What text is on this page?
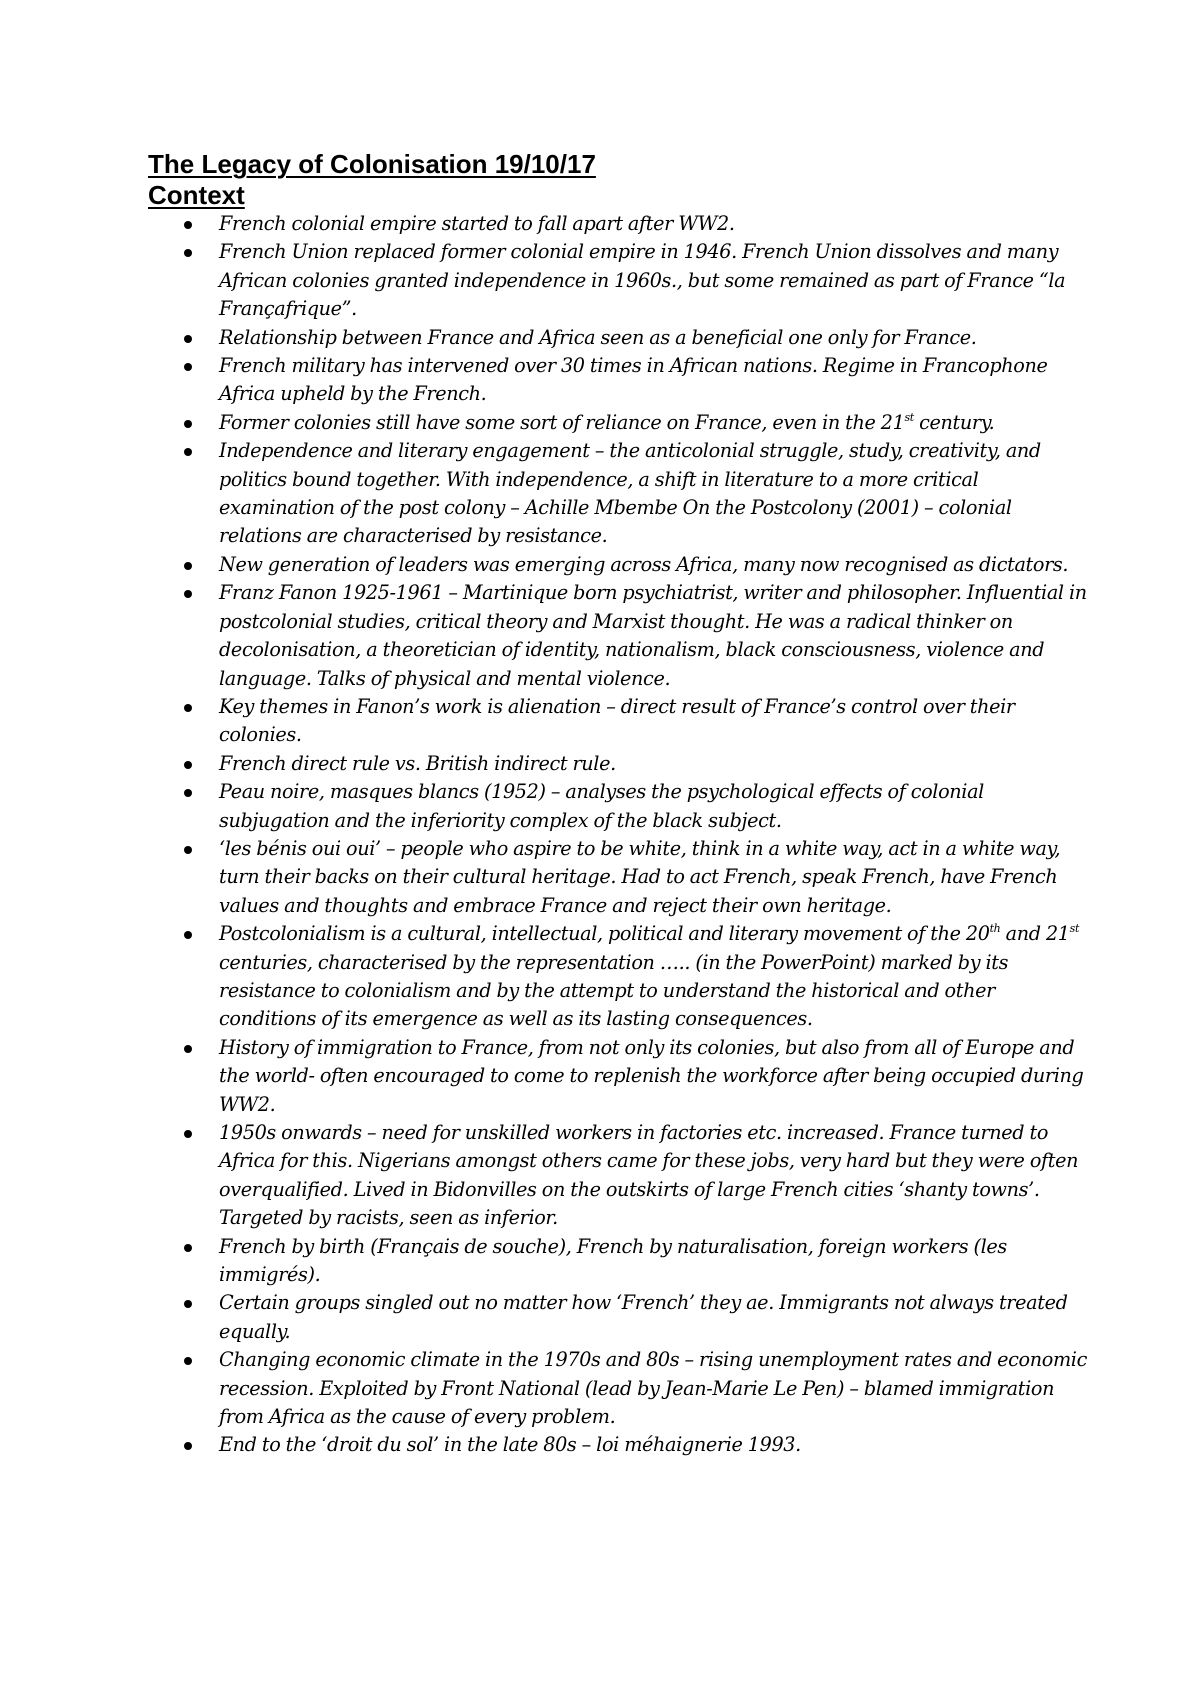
The Legacy of Colonisation 19/10/17
Context
French colonial empire started to fall apart after WW2.
French Union replaced former colonial empire in 1946. French Union dissolves and many African colonies granted independence in 1960s., but some remained as part of France “la Françafrique”.
Relationship between France and Africa seen as a beneficial one only for France.
French military has intervened over 30 times in African nations. Regime in Francophone Africa upheld by the French.
Former colonies still have some sort of reliance on France, even in the 21st century.
Independence and literary engagement – the anticolonial struggle, study, creativity, and politics bound together. With independence, a shift in literature to a more critical examination of the post colony – Achille Mbembe On the Postcolony (2001) – colonial relations are characterised by resistance.
New generation of leaders was emerging across Africa, many now recognised as dictators.
Franz Fanon 1925-1961 – Martinique born psychiatrist, writer and philosopher. Influential in postcolonial studies, critical theory and Marxist thought. He was a radical thinker on decolonisation, a theoretician of identity, nationalism, black consciousness, violence and language. Talks of physical and mental violence.
Key themes in Fanon’s work is alienation – direct result of France’s control over their colonies.
French direct rule vs. British indirect rule.
Peau noire, masques blancs (1952) – analyses the psychological effects of colonial subjugation and the inferiority complex of the black subject.
‘les bénis oui oui’ – people who aspire to be white, think in a white way, act in a white way, turn their backs on their cultural heritage. Had to act French, speak French, have French values and thoughts and embrace France and reject their own heritage.
Postcolonialism is a cultural, intellectual, political and literary movement of the 20th and 21st centuries, characterised by the representation ….. (in the PowerPoint) marked by its resistance to colonialism and by the attempt to understand the historical and other conditions of its emergence as well as its lasting consequences.
History of immigration to France, from not only its colonies, but also from all of Europe and the world- often encouraged to come to replenish the workforce after being occupied during WW2.
1950s onwards – need for unskilled workers in factories etc. increased. France turned to Africa for this. Nigerians amongst others came for these jobs, very hard but they were often overqualified. Lived in Bidonvilles on the outskirts of large French cities ‘shanty towns’. Targeted by racists, seen as inferior.
French by birth (Français de souche), French by naturalisation, foreign workers (les immigrés).
Certain groups singled out no matter how ‘French’ they ae. Immigrants not always treated equally.
Changing economic climate in the 1970s and 80s – rising unemployment rates and economic recession. Exploited by Front National (lead by Jean-Marie Le Pen) – blamed immigration from Africa as the cause of every problem.
End to the ‘droit du sol’ in the late 80s – loi méhaignerie 1993.
